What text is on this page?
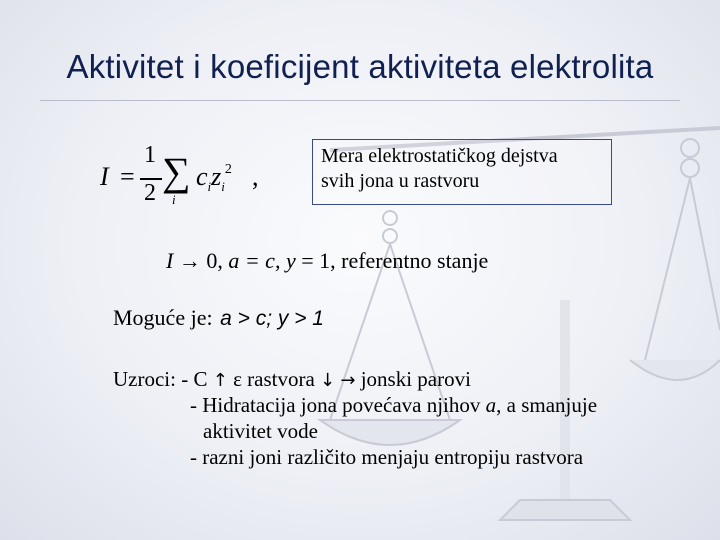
Aktivitet i koeficijent aktiviteta elektrolita
I =
1
2 ∑
i
$c_iz_i^2$ ,
Mera elektrostatičkog dejstva
svih jona u rastvoru
I → 0, a = c, y = 1, referentno stanje
Moguće je: a > c; y > 1
Uzroci: - C ↑ ε rastvora ↓ → jonski parovi
- Hidratacija jona povećava njihov a, a smanjuje
aktivitet vode
- razni joni različito menjaju entropiju rastvora
